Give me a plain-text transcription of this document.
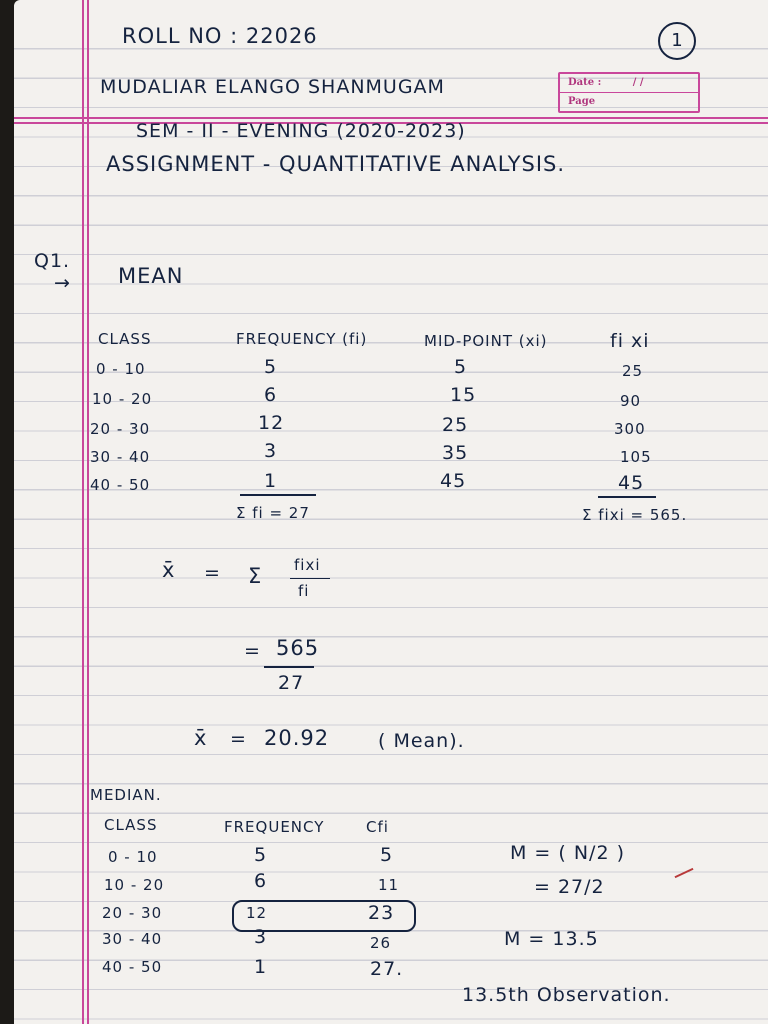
1
Date :	/ /
Page
ROLL NO : 22026
MUDALIAR ELANGO SHANMUGAM
SEM - II - EVENING (2020-2023)
ASSIGNMENT - QUANTITATIVE ANALYSIS.
Q1.
→ MEAN
CLASS	FREQUENCY (fi)	MID-POINT (xi)	fi xi
0 - 10	5	5	25
10 - 20	6	15	90
20 - 30	12	25	300
30 - 40	3	35	105
40 - 50	1	45	45
Σ fi = 27	Σ fixi = 565.
x̄ = Σ fixi
fi
= 565
27
x̄ = 20.92	( Mean).
MEDIAN.
CLASS	FREQUENCY	Cfi
0 - 10	5	5
10 - 20	6	11
20 - 30	12	23
30 - 40	3	26
40 - 50	1	27.
M = ( N/2 )
= 27/2
M = 13.5
13.5th Observation.
